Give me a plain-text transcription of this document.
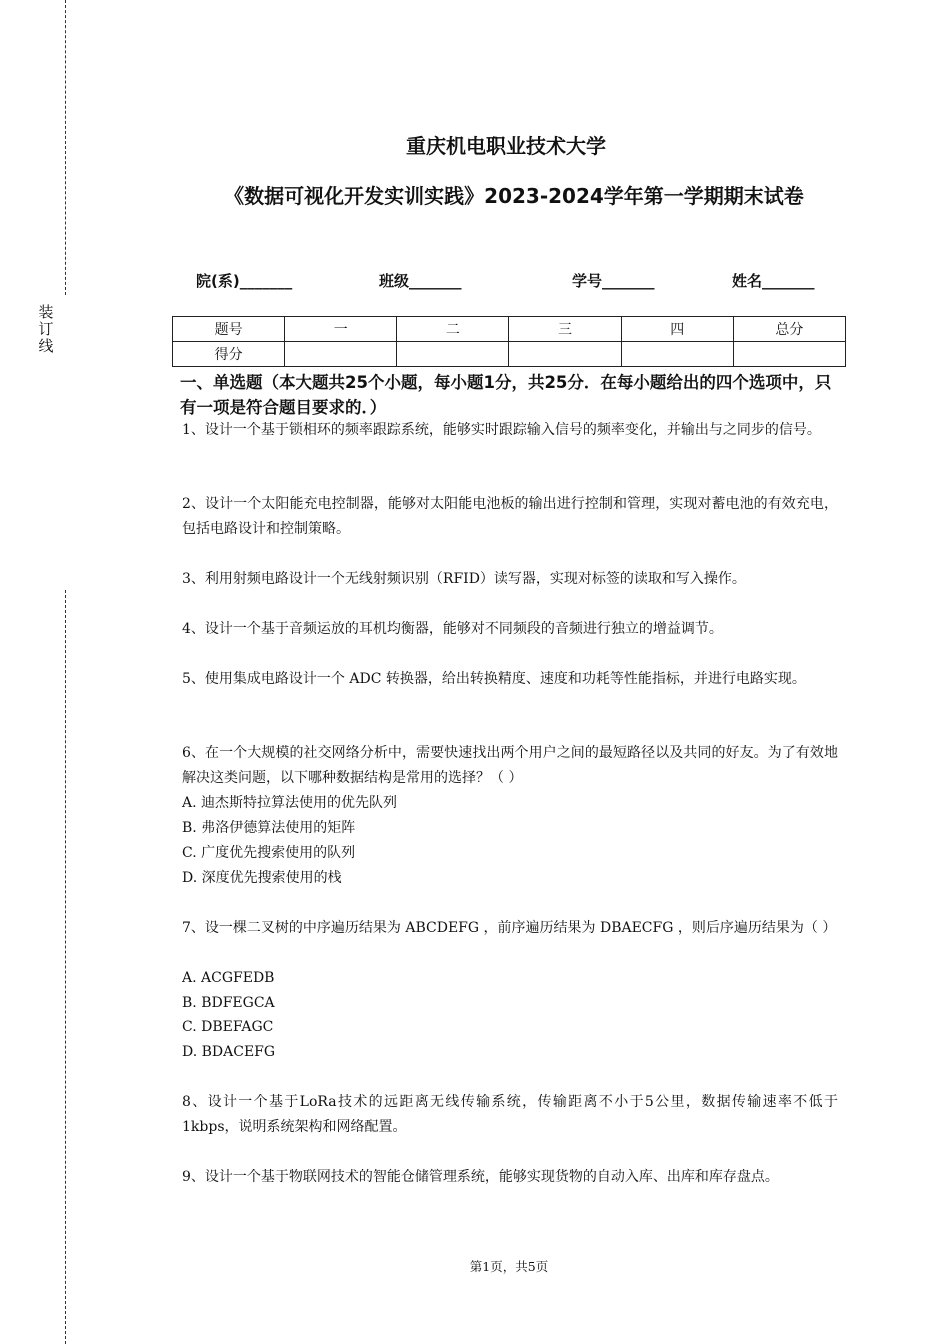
装订线
重庆机电职业技术大学
《数据可视化开发实训实践》2023-2024学年第一学期期末试卷
院(系)_______	班级_______	学号_______	姓名_______
题号	一	二	三	四	总分
得分					
一、单选题（本大题共25个小题，每小题1分，共25分．在每小题给出的四个选项中，只有一项是符合题目要求的．）
1、设计一个基于锁相环的频率跟踪系统，能够实时跟踪输入信号的频率变化，并输出与之同步的信号。
2、设计一个太阳能充电控制器，能够对太阳能电池板的输出进行控制和管理，实现对蓄电池的有效充电，包括电路设计和控制策略。
3、利用射频电路设计一个无线射频识别（RFID）读写器，实现对标签的读取和写入操作。
4、设计一个基于音频运放的耳机均衡器，能够对不同频段的音频进行独立的增益调节。
5、使用集成电路设计一个 ADC 转换器，给出转换精度、速度和功耗等性能指标，并进行电路实现。
6、在一个大规模的社交网络分析中，需要快速找出两个用户之间的最短路径以及共同的好友。为了有效地解决这类问题，以下哪种数据结构是常用的选择？（ ）
A. 迪杰斯特拉算法使用的优先队列
B. 弗洛伊德算法使用的矩阵
C. 广度优先搜索使用的队列
D. 深度优先搜索使用的栈
7、设一棵二叉树的中序遍历结果为 ABCDEFG ，前序遍历结果为 DBAECFG ，则后序遍历结果为（ ）
A. ACGFEDB
B. BDFEGCA
C. DBEFAGC
D. BDACEFG
8、设计一个基于LoRa技术的远距离无线传输系统，传输距离不小于5公里，数据传输速率不低于1kbps，说明系统架构和网络配置。
9、设计一个基于物联网技术的智能仓储管理系统，能够实现货物的自动入库、出库和库存盘点。
第1页，共5页
